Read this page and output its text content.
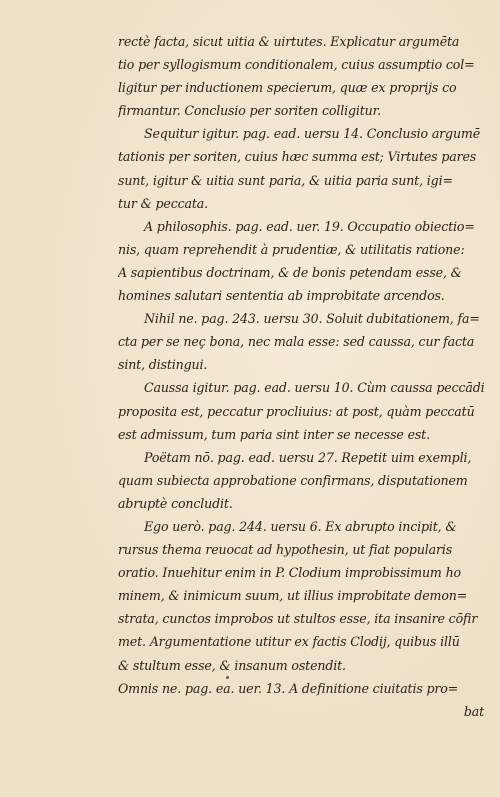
rectè facta, sicut uitia & uirtutes. Explicatur argumēta
tio per syllogismum conditionalem, cuius assumptio col=
ligitur per inductionem specierum, quæ ex proprijs co
firmantur. Conclusio per soriten colligitur.
Sequitur igitur. pag. ead. uersu 14. Conclusio argumē
tationis per soriten, cuius hæc summa est; Virtutes pares
sunt, igitur & uitia sunt paria, & uitia paria sunt, igi=
tur & peccata.
A philosophis. pag. ead. uer. 19. Occupatio obiectio=
nis, quam reprehendit à prudentiæ, & utilitatis ratione:
A sapientibus doctrinam, & de bonis petendam esse, &
homines salutari sententia ab improbitate arcendos.
Nihil ne. pag. 243. uersu 30. Soluit dubitationem, fa=
cta per se neç bona, nec mala esse: sed caussa, cur facta
sint, distingui.
Caussa igitur. pag. ead. uersu 10. Cùm caussa peccādi
proposita est, peccatur procliuius: at post, quàm peccatū
est admissum, tum paria sint inter se necesse est.
Poëtam nō. pag. ead. uersu 27. Repetit uim exempli,
quam subiecta approbatione confirmans, disputationem
abruptè concludit.
Ego uerò. pag. 244. uersu 6. Ex abrupto incipit, &
rursus thema reuocat ad hypothesin, ut fiat popularis
oratio. Inuehitur enim in P. Clodium improbissimum ho
minem, & inimicum suum, ut illius improbitate demon=
strata, cunctos improbos ut stultos esse, ita insanire cōfir
met. Argumentatione utitur ex factis Clodij, quibus illū
& stultum esse, & insanum ostendit.
Omnis ne. pag. ea. uer. 13. A definitione ciuitatis pro=
bat
